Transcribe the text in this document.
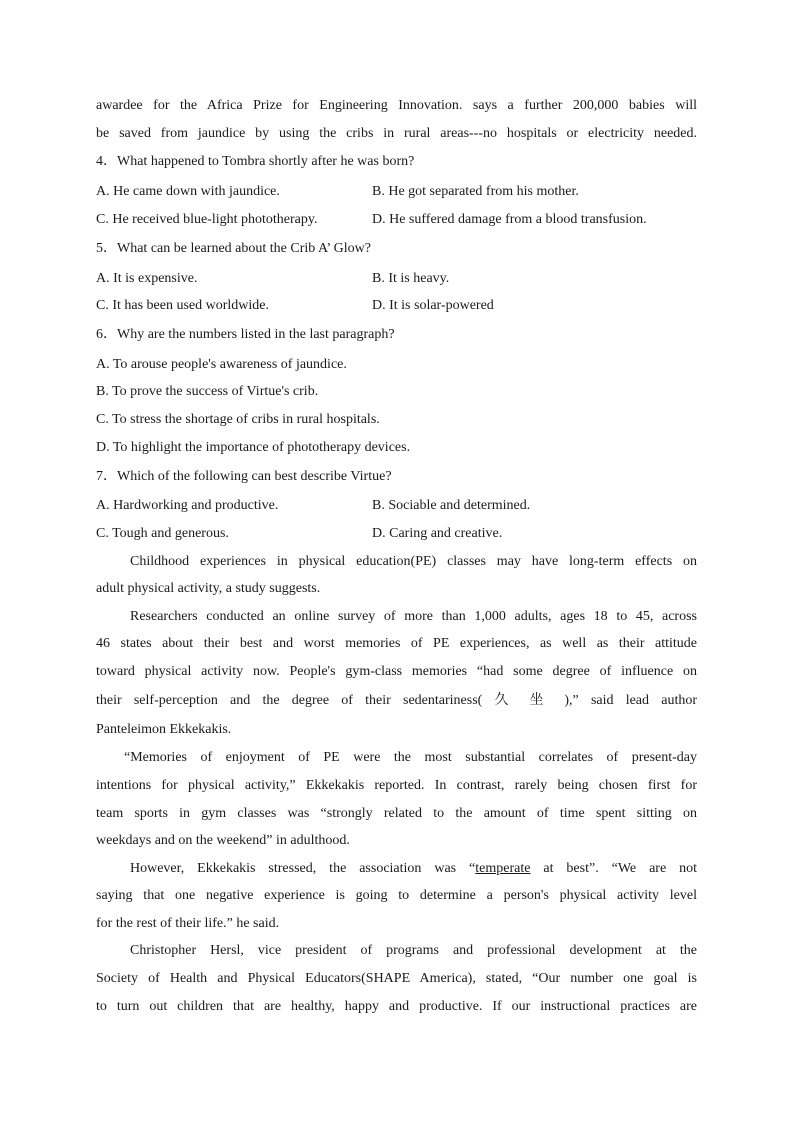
awardee for the Africa Prize for Engineering Innovation. says a further 200,000 babies will
be saved from jaundice by using the cribs in rural areas---no hospitals or electricity needed.
4．What happened to Tombra shortly after he was born?
A. He came down with jaundice.	B. He got separated from his mother.
C. He received blue-light phototherapy.	D. He suffered damage from a blood transfusion.
5．What can be learned about the Crib A’ Glow?
A. It is expensive.	B. It is heavy.
C. It has been used worldwide.	D. It is solar-powered
6．Why are the numbers listed in the last paragraph?
A. To arouse people's awareness of jaundice.
B. To prove the success of Virtue's crib.
C. To stress the shortage of cribs in rural hospitals.
D. To highlight the importance of phototherapy devices.
7．Which of the following can best describe Virtue?
A. Hardworking and productive.	B. Sociable and determined.
C. Tough and generous.	D. Caring and creative.
Childhood experiences in physical education(PE) classes may have long-term effects on
adult physical activity, a study suggests.
Researchers conducted an online survey of more than 1,000 adults, ages 18 to 45, across
46 states about their best and worst memories of PE experiences, as well as their attitude
toward physical activity now. People's gym-class memories “had some degree of influence on
their self-perception and the degree of their sedentariness( 久 坐 ),” said lead author
Panteleimon Ekkekakis.
“Memories of enjoyment of PE were the most substantial correlates of present-day
intentions for physical activity,” Ekkekakis reported. In contrast, rarely being chosen first for
team sports in gym classes was “strongly related to the amount of time spent sitting on
weekdays and on the weekend” in adulthood.
However, Ekkekakis stressed, the association was “temperate at best”. “We are not
saying that one negative experience is going to determine a person's physical activity level
for the rest of their life.” he said.
Christopher Hersl, vice president of programs and professional development at the
Society of Health and Physical Educators(SHAPE America), stated, “Our number one goal is
to turn out children that are healthy, happy and productive. If our instructional practices are
